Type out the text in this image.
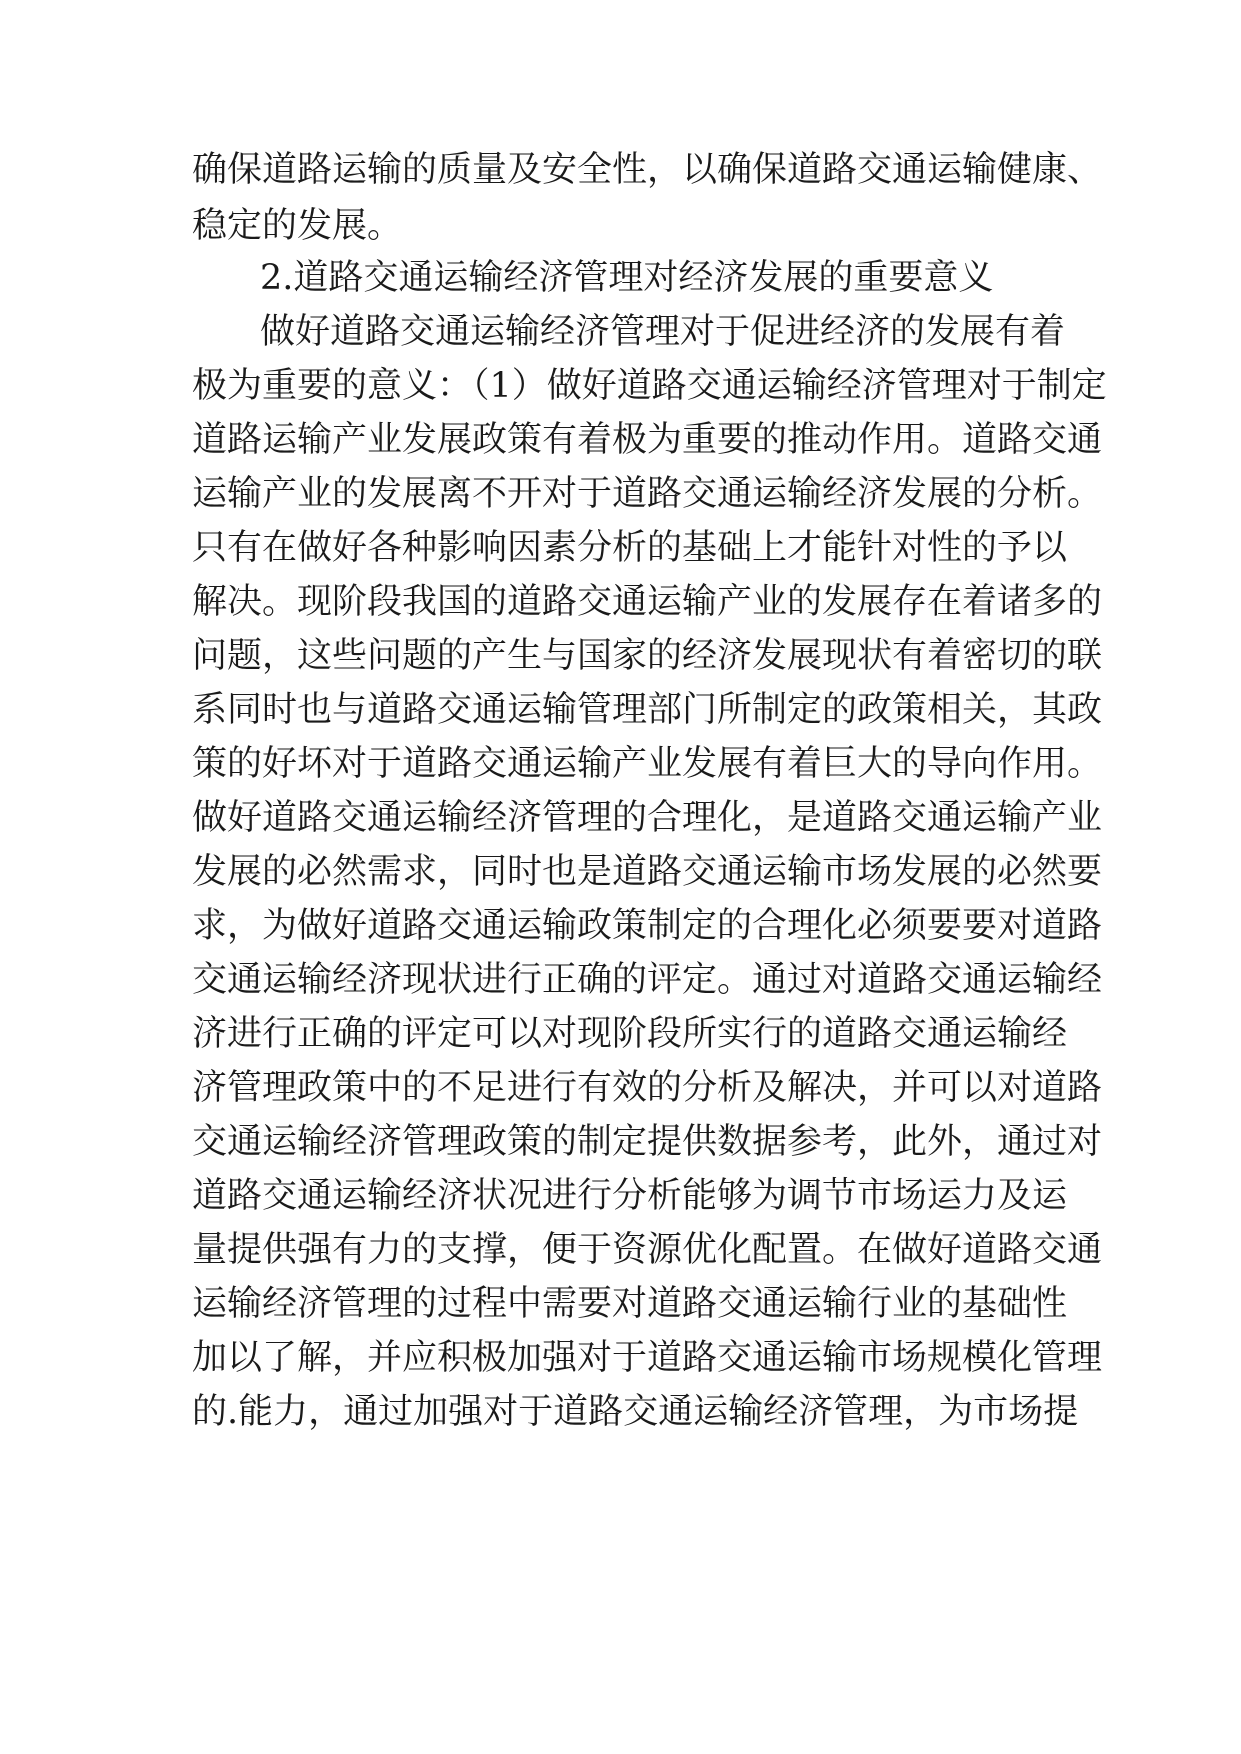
确保道路运输的质量及安全性，以确保道路交通运输健康、
稳定的发展。
2.道路交通运输经济管理对经济发展的重要意义
做好道路交通运输经济管理对于促进经济的发展有着
极为重要的意义：（1）做好道路交通运输经济管理对于制定
道路运输产业发展政策有着极为重要的推动作用。道路交通
运输产业的发展离不开对于道路交通运输经济发展的分析。
只有在做好各种影响因素分析的基础上才能针对性的予以
解决。现阶段我国的道路交通运输产业的发展存在着诸多的
问题，这些问题的产生与国家的经济发展现状有着密切的联
系同时也与道路交通运输管理部门所制定的政策相关，其政
策的好坏对于道路交通运输产业发展有着巨大的导向作用。
做好道路交通运输经济管理的合理化，是道路交通运输产业
发展的必然需求，同时也是道路交通运输市场发展的必然要
求，为做好道路交通运输政策制定的合理化必须要要对道路
交通运输经济现状进行正确的评定。通过对道路交通运输经
济进行正确的评定可以对现阶段所实行的道路交通运输经
济管理政策中的不足进行有效的分析及解决，并可以对道路
交通运输经济管理政策的制定提供数据参考，此外，通过对
道路交通运输经济状况进行分析能够为调节市场运力及运
量提供强有力的支撑，便于资源优化配置。在做好道路交通
运输经济管理的过程中需要对道路交通运输行业的基础性
加以了解，并应积极加强对于道路交通运输市场规模化管理
的.能力，通过加强对于道路交通运输经济管理，为市场提
